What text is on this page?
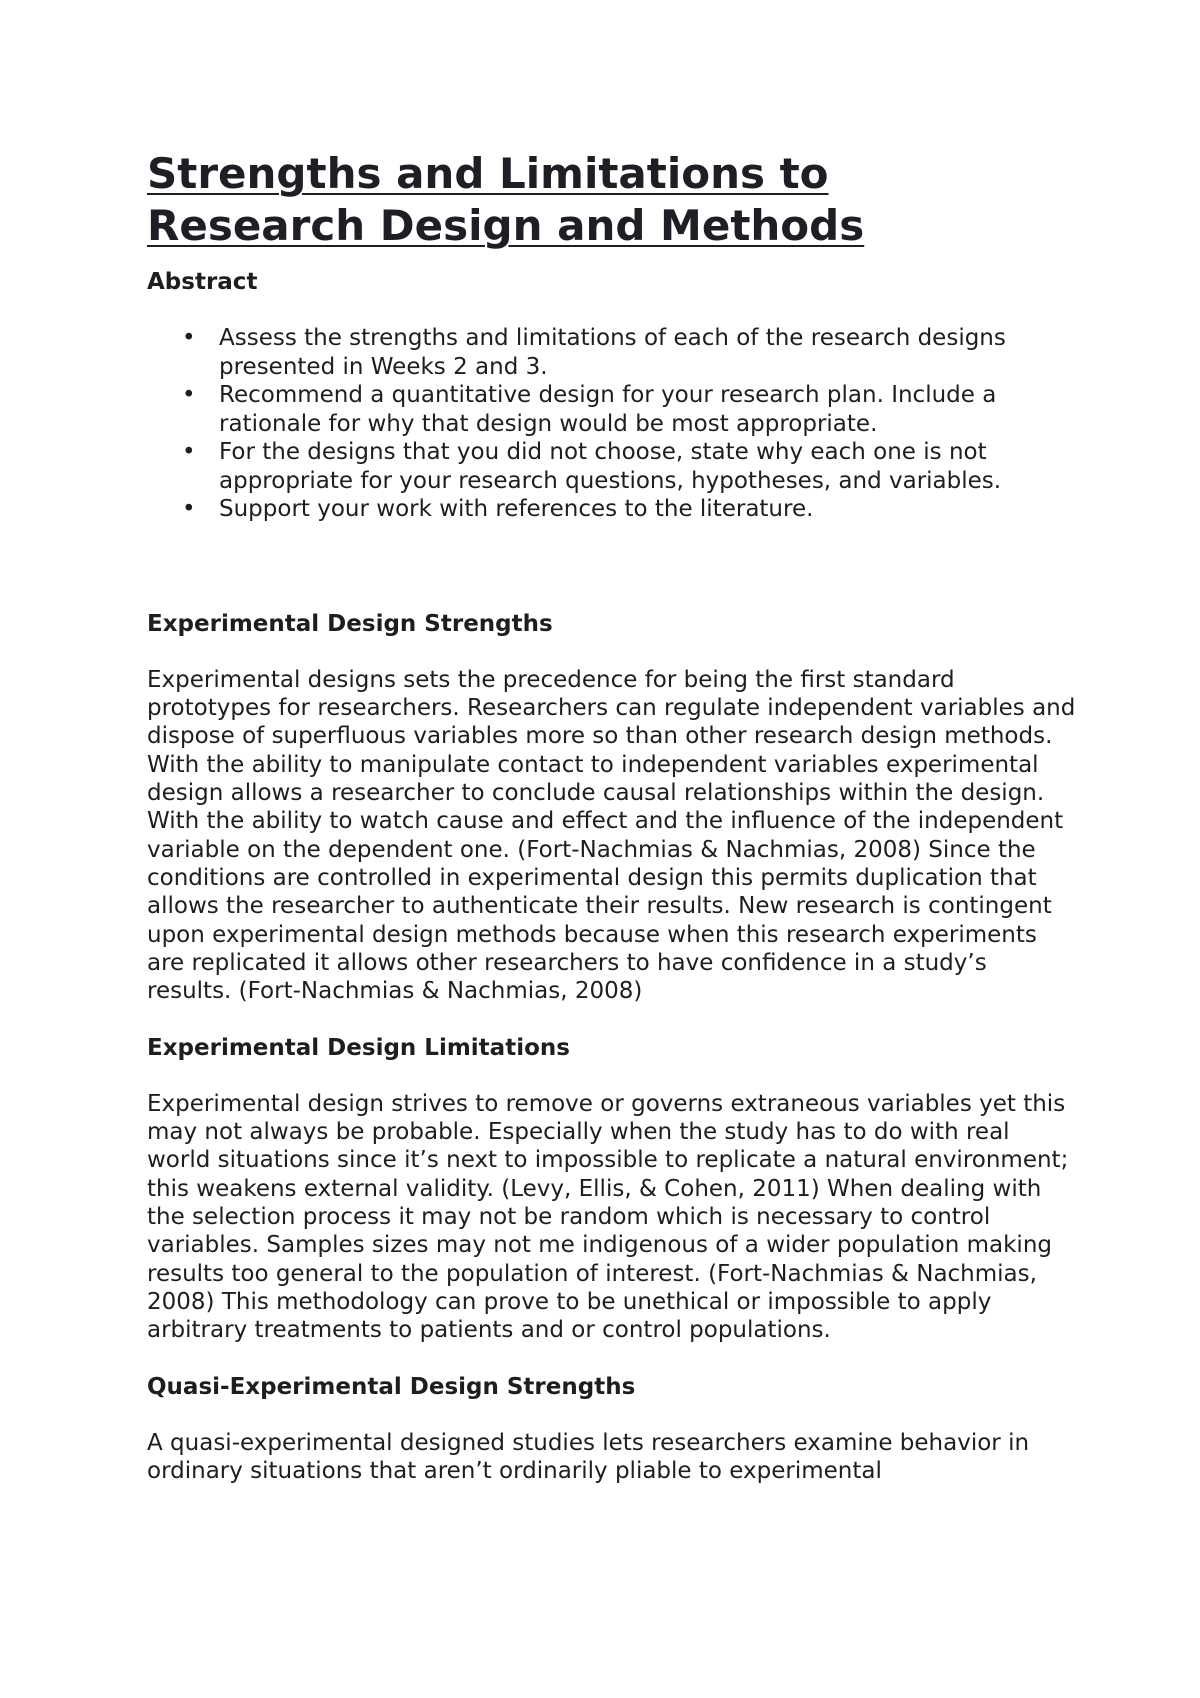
Strengths and Limitations to
Research Design and Methods
Abstract
• Assess the strengths and limitations of each of the research designs presented in Weeks 2 and 3.
• Recommend a quantitative design for your research plan. Include a rationale for why that design would be most appropriate.
• For the designs that you did not choose, state why each one is not appropriate for your research questions, hypotheses, and variables.
• Support your work with references to the literature.
Experimental Design Strengths

Experimental designs sets the precedence for being the first standard prototypes for researchers. Researchers can regulate independent variables and dispose of superfluous variables more so than other research design methods. With the ability to manipulate contact to independent variables experimental design allows a researcher to conclude causal relationships within the design. With the ability to watch cause and effect and the influence of the independent variable on the dependent one. (Fort-Nachmias & Nachmias, 2008) Since the conditions are controlled in experimental design this permits duplication that allows the researcher to authenticate their results. New research is contingent upon experimental design methods because when this research experiments are replicated it allows other researchers to have confidence in a study’s results. (Fort-Nachmias & Nachmias, 2008)

Experimental Design Limitations

Experimental design strives to remove or governs extraneous variables yet this may not always be probable. Especially when the study has to do with real world situations since it’s next to impossible to replicate a natural environment; this weakens external validity. (Levy, Ellis, & Cohen, 2011) When dealing with the selection process it may not be random which is necessary to control variables. Samples sizes may not me indigenous of a wider population making results too general to the population of interest. (Fort-Nachmias & Nachmias, 2008) This methodology can prove to be unethical or impossible to apply arbitrary treatments to patients and or control populations.

Quasi-Experimental Design Strengths

A quasi-experimental designed studies lets researchers examine behavior in ordinary situations that aren’t ordinarily pliable to experimental
